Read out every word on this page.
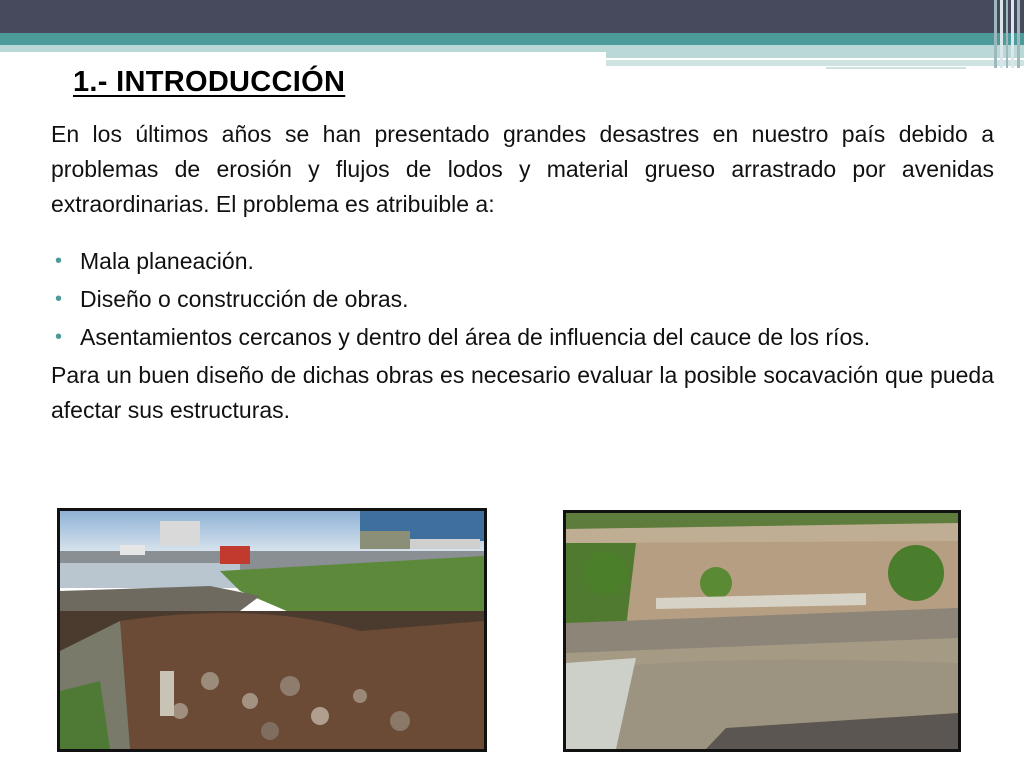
1.- INTRODUCCIÓN

En los últimos años se han presentado grandes desastres en nuestro país debido a problemas de erosión y flujos de lodos y material grueso arrastrado por avenidas extraordinarias. El problema es atribuible a:

• Mala planeación.
• Diseño o construcción de obras.
• Asentamientos cercanos y dentro del área de influencia del cauce de los ríos.

Para un buen diseño de dichas obras es necesario evaluar la posible socavación que pueda afectar sus estructuras.
